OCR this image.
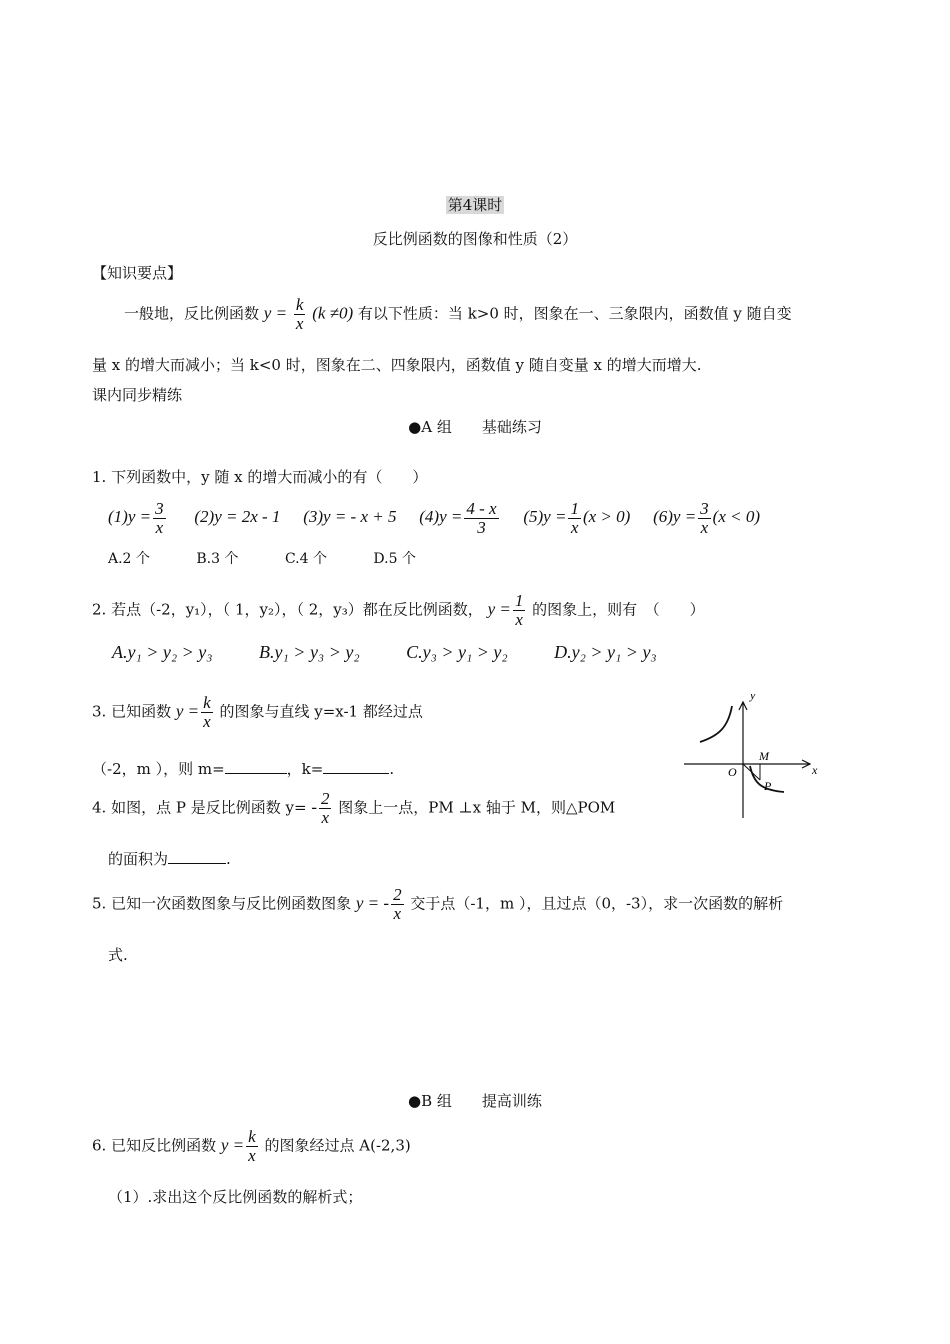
第4课时
反比例函数的图像和性质（2）
【知识要点】
一般地，反比例函数 $y = \frac{k}{x} (k \ne 0)$ 有以下性质：当 k>0 时，图象在一、三象限内，函数值 y 随自变
量 x 的增大而减小；当 k<0 时，图象在二、四象限内，函数值 y 随自变量 x 的增大而增大.
课内同步精练
●A 组　　基础练习
1. 下列函数中，y 随 x 的增大而减小的有（　　）
$(1)y = \frac{3}{x} (2)y = 2x - 1$ (3)y = - x + 5 $(4)y = \frac{4 - x}{3} (5)y = \frac{1}{x} (x > 0) (6)y = \frac{3}{x} (x < 0)$
A.2 个	B.3 个	C.4 个	D.5 个
2. 若点（-2，y₁），（ 1，y₂），（ 2，y₃）都在反比例函数， $y = \frac{1}{x}$ 的图象上，则有　（　　）
A.y₁ > y₂ > y₃	B.y₁ > y₃ > y₂	C.y₃ > y₁ > y₂	D.y₂ > y₁ > y₃
3. 已知函数 $y = \frac{k}{x}$ 的图象与直线 y=x-1 都经过点
（-2，m ），则 m=	，k=	.
4. 如图，点 P 是反比例函数 $y= - \frac{2}{x}$ 图象上一点，PM ⊥x 轴于 M，则△POM
的面积为	.
y
x
O
M
P
5. 已知一次函数图象与反比例函数图象 y = - $\frac{2}{x}$ 交于点（-1，m ），且过点（0，-3），求一次函数的解析
式.
●B 组　　提高训练
6. 已知反比例函数 $y = \frac{k}{x}$ 的图象经过点 A(-2,3)
（1）.求出这个反比例函数的解析式；
